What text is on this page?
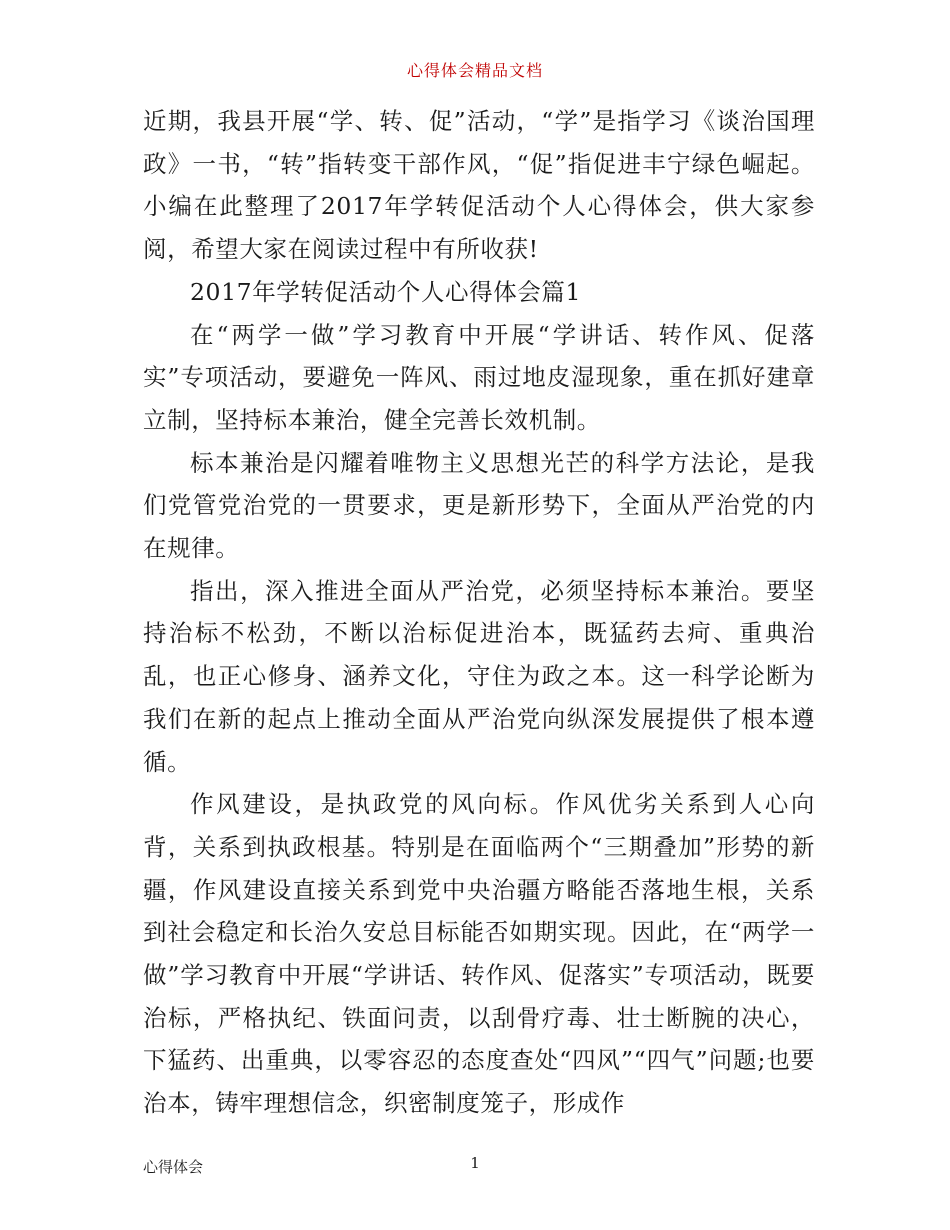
心得体会精品文档

近期，我县开展“学、转、促”活动，“学”是指学习《谈治国理政》一书，“转”指转变干部作风，“促”指促进丰宁绿色崛起。小编在此整理了2017年学转促活动个人心得体会，供大家参阅，希望大家在阅读过程中有所收获!

2017年学转促活动个人心得体会篇1

在“两学一做”学习教育中开展“学讲话、转作风、促落实”专项活动，要避免一阵风、雨过地皮湿现象，重在抓好建章立制，坚持标本兼治，健全完善长效机制。

标本兼治是闪耀着唯物主义思想光芒的科学方法论，是我们党管党治党的一贯要求，更是新形势下，全面从严治党的内在规律。

指出，深入推进全面从严治党，必须坚持标本兼治。要坚持治标不松劲，不断以治标促进治本，既猛药去疴、重典治乱，也正心修身、涵养文化，守住为政之本。这一科学论断为我们在新的起点上推动全面从严治党向纵深发展提供了根本遵循。

作风建设，是执政党的风向标。作风优劣关系到人心向背，关系到执政根基。特别是在面临两个“三期叠加”形势的新疆，作风建设直接关系到党中央治疆方略能否落地生根，关系到社会稳定和长治久安总目标能否如期实现。因此，在“两学一做”学习教育中开展“学讲话、转作风、促落实”专项活动，既要治标，严格执纪、铁面问责，以刮骨疗毒、壮士断腕的决心，下猛药、出重典，以零容忍的态度查处“四风”“四气”问题;也要治本，铸牢理想信念，织密制度笼子，形成作

心得体会	1
